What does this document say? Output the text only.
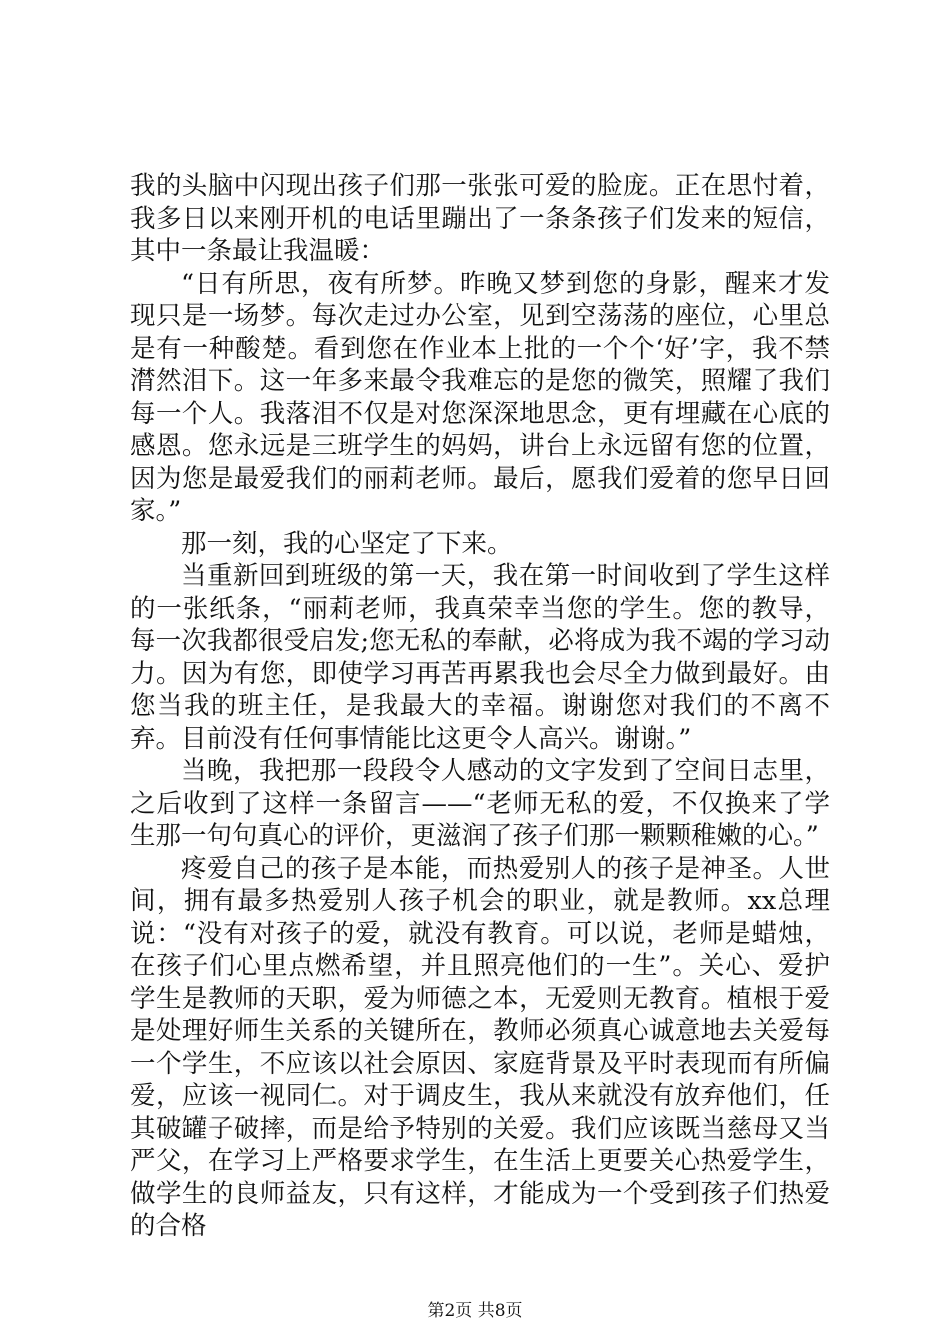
我的头脑中闪现出孩子们那一张张可爱的脸庞。正在思忖着，我多日以来刚开机的电话里蹦出了一条条孩子们发来的短信，其中一条最让我温暖：

“日有所思，夜有所梦。昨晚又梦到您的身影，醒来才发现只是一场梦。每次走过办公室，见到空荡荡的座位，心里总是有一种酸楚。看到您在作业本上批的一个个‘好’字，我不禁潸然泪下。这一年多来最令我难忘的是您的微笑，照耀了我们每一个人。我落泪不仅是对您深深地思念，更有埋藏在心底的感恩。您永远是三班学生的妈妈，讲台上永远留有您的位置，因为您是最爱我们的丽莉老师。最后，愿我们爱着的您早日回家。”

那一刻，我的心坚定了下来。

当重新回到班级的第一天，我在第一时间收到了学生这样的一张纸条，“丽莉老师，我真荣幸当您的学生。您的教导，每一次我都很受启发;您无私的奉献，必将成为我不竭的学习动力。因为有您，即使学习再苦再累我也会尽全力做到最好。由您当我的班主任，是我最大的幸福。谢谢您对我们的不离不弃。目前没有任何事情能比这更令人高兴。谢谢。”

当晚，我把那一段段令人感动的文字发到了空间日志里，之后收到了这样一条留言——“老师无私的爱，不仅换来了学生那一句句真心的评价，更滋润了孩子们那一颗颗稚嫩的心。”

疼爱自己的孩子是本能，而热爱别人的孩子是神圣。人世间，拥有最多热爱别人孩子机会的职业，就是教师。xx总理说：“没有对孩子的爱，就没有教育。可以说，老师是蜡烛，在孩子们心里点燃希望，并且照亮他们的一生”。关心、爱护学生是教师的天职，爱为师德之本，无爱则无教育。植根于爱是处理好师生关系的关键所在，教师必须真心诚意地去关爱每一个学生，不应该以社会原因、家庭背景及平时表现而有所偏爱，应该一视同仁。对于调皮生，我从来就没有放弃他们，任其破罐子破摔，而是给予特别的关爱。我们应该既当慈母又当严父，在学习上严格要求学生，在生活上更要关心热爱学生，做学生的良师益友，只有这样，才能成为一个受到孩子们热爱的合格

第2页 共8页
